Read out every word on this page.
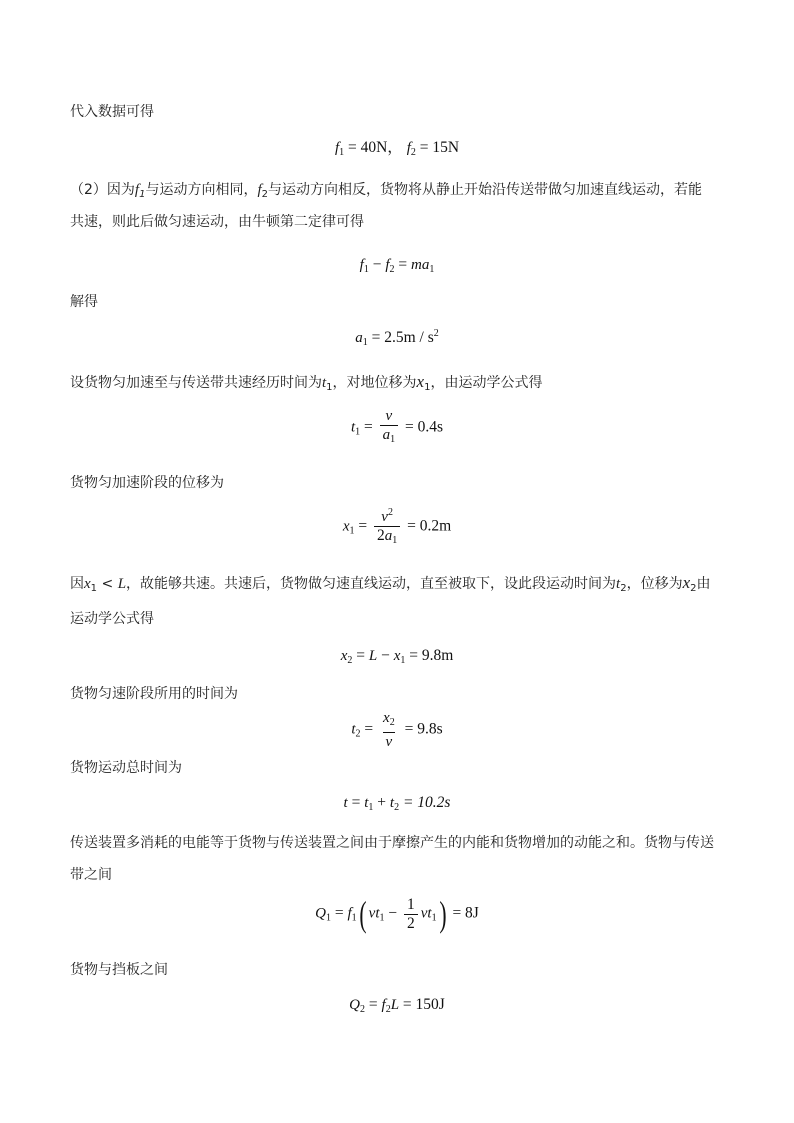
代入数据可得
$f_1 = 40N$， $f_2 = 15N$
（2）因为$f_1$与运动方向相同，$f_2$与运动方向相反，货物将从静止开始沿传送带做匀加速直线运动，若能
共速，则此后做匀速运动，由牛顿第二定律可得
$f_1 - f_2 = ma_1$
解得
$a_1 = 2.5m / s^2$
设货物匀加速至与传送带共速经历时间为$t_1$，对地位移为$x_1$，由运动学公式得
$t_1 = \frac{v}{a_1} = 0.4s$
货物匀加速阶段的位移为
$x_1 = \frac{v^2}{2a_1} = 0.2m$
因$x_1 < L$，故能够共速。共速后，货物做匀速直线运动，直至被取下，设此段运动时间为$t_2$，位移为$x_2$由
运动学公式得
$x_2 = L - x_1 = 9.8m$
货物匀速阶段所用的时间为
$t_2 = \frac{x_2}{v} = 9.8s$
货物运动总时间为
$t = t_1 + t_2 = 10.2s$
传送装置多消耗的电能等于货物与传送装置之间由于摩擦产生的内能和货物增加的动能之和。货物与传送
带之间
$Q_1 = f_1$( $vt_1 - \frac{1}{2} vt_1) = 8J$
货物与挡板之间
$Q_2 = f_2L = 150J$
